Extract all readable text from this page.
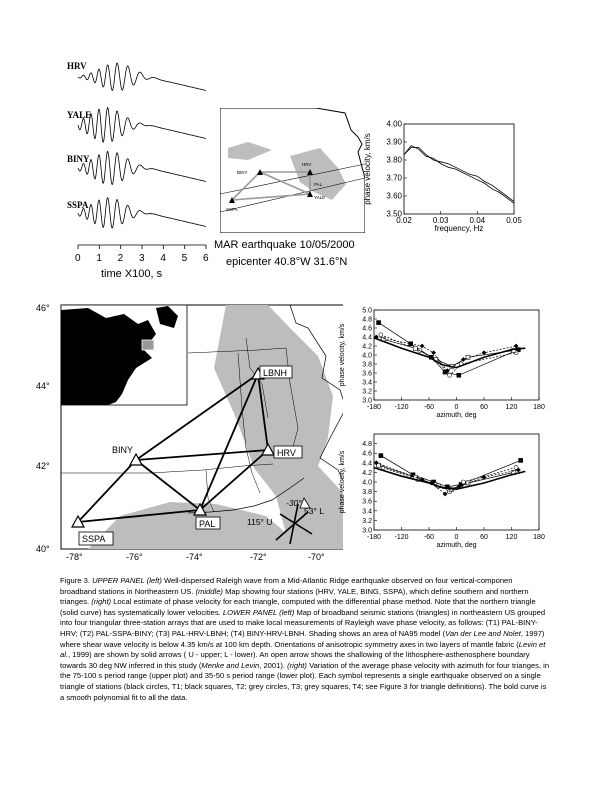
HRV
YALE
BINY
SSPA
0 1 2 3 4 5 6
time X100, s
HRV
YALE
BINY
SSPA
PAL
MAR earthquake 10/05/2000
epicenter 40.8°W 31.6°N
0.02	0.03	0.04	0.05
4.00
3.90
3.80
3.70
3.60
3.50
frequency, Hz
phase velocity, km/s
LBNH
HRV
BINY
PAL
SSPA
-30°
53° L
115° U
46°
44°
42°
40°
-78°	-76°	-74°	-72°	-70°
-180 -120 -60	0	60	120 180
5.0
4.8
4.6
4.4
4.2
4.0
3.8
3.6
3.4
3.2
3.0
azimuth, deg
phase velocity, km/s
-180 -120 -60	0	60	120 180
4.8
4.6
4.4
4.2
4.0
3.8
3.6
3.4
3.2
3.0
azimuth, deg
phase velocity, km/s
Figure 3. UPPER PANEL (left) Well-dispersed Raleigh wave from a Mid-Atlantic Ridge earthquake observed on four vertical-componen broadband stations in Northeastern US. (middle) Map showing four stations (HRV, YALE, BING, SSPA), which define southern and northern trianges. (right) Local estimate of phase velocity for each triangle, computed with the differential phase method. Note that the northern triangle (solid curve) has systematically lower velocities. LOWER PANEL (left) Map of broadband seismic stations (triangles) in northeastern US grouped into four triangular three-station arrays that are used to make local measurements of Rayleigh wave phase velocity, as follows: (T1) PAL-BINY-HRV; (T2) PAL-SSPA-BINY; (T3) PAL-HRV-LBNH; (T4) BINY-HRV-LBNH. Shading shows an area of NA95 model (Van der Lee and Nolet, 1997) where shear wave velocity is below 4.35 km/s at 100 km depth. Orientations of anisotropic symmetry axes in two layers of mantle fabric (Levin et al., 1999) are shown by solid arrows ( U - upper; L - lower). An open arrow shows the shallowing of the lithosphere-asthenosphere boundary towards 30 deg NW inferred in this study (Menke and Levin, 2001). (right) Variation of the average phase velocity with azimuth for four trianges, in the 75-100 s period range (upper plot) and 35-50 s period range (lower plot). Each symbol represents a single earthquake observed on a single triangle of stations (black circles, T1; black squares, T2; grey circles, T3; grey squares, T4; see Figure 3 for triangle definitions). The bold curve is a smooth polynomial fit to all the data.
